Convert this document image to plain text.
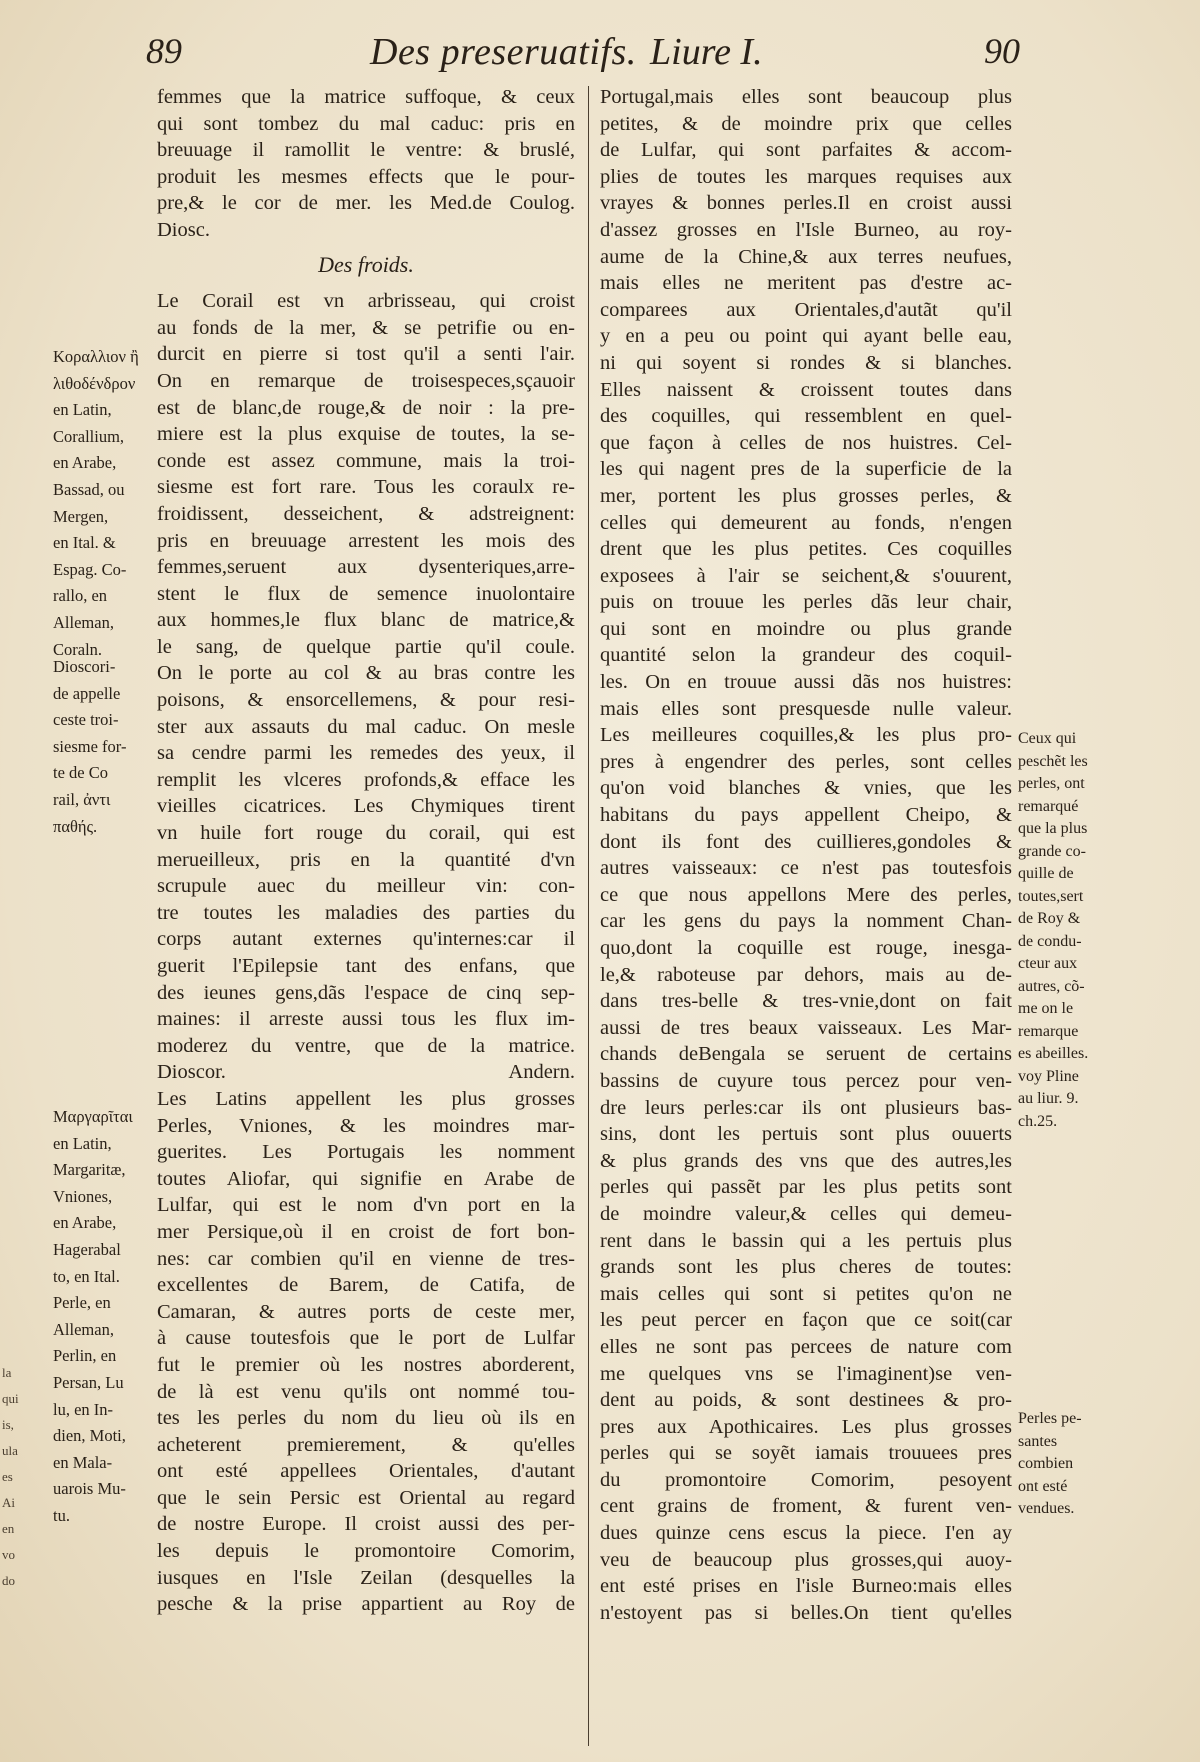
89	Des preseruatifs. Liure I.	90
femmes que la matrice suffoque, & ceux
qui sont tombez du mal caduc: pris en
breuuage il ramollit le ventre: & bruslé,
produit les mesmes effects que le pour-
pre,& le cor de mer. les Med.de Coulog.
Diosc.
Des froids.
Le Corail est vn arbrisseau, qui croist
au fonds de la mer, & se petrifie ou en-
durcit en pierre si tost qu'il a senti l'air.
On en remarque de troisespeces,sçauoir
est de blanc,de rouge,& de noir : la pre-
miere est la plus exquise de toutes, la se-
conde est assez commune, mais la troi-
siesme est fort rare. Tous les coraulx re-
froidissent, desseichent, & adstreignent:
pris en breuuage arrestent les mois des
femmes,seruent aux dysenteriques,arre-
stent le flux de semence inuolontaire
aux hommes,le flux blanc de matrice,&
le sang, de quelque partie qu'il coule.
On le porte au col & au bras contre les
poisons, & ensorcellemens, & pour resi-
ster aux assauts du mal caduc. On mesle
sa cendre parmi les remedes des yeux, il
remplit les vlceres profonds,& efface les
vieilles cicatrices. Les Chymiques tirent
vn huile fort rouge du corail, qui est
merueilleux, pris en la quantité d'vn
scrupule auec du meilleur vin: con-
tre toutes les maladies des parties du
corps autant externes qu'internes:car il
guerit l'Epilepsie tant des enfans, que
des ieunes gens,dãs l'espace de cinq sep-
maines: il arreste aussi tous les flux im-
moderez du ventre, que de la matrice.
Dioscor. Andern.
Les Latins appellent les plus grosses
Perles, Vniones, & les moindres mar-
guerites. Les Portugais les nomment
toutes Aliofar, qui signifie en Arabe de
Lulfar, qui est le nom d'vn port en la
mer Persique,où il en croist de fort bon-
nes: car combien qu'il en vienne de tres-
excellentes de Barem, de Catifa, de
Camaran, & autres ports de ceste mer,
à cause toutesfois que le port de Lulfar
fut le premier où les nostres aborderent,
de là est venu qu'ils ont nommé tou-
tes les perles du nom du lieu où ils en
acheterent premierement, & qu'elles
ont esté appellees Orientales, d'autant
que le sein Persic est Oriental au regard
de nostre Europe. Il croist aussi des per-
les depuis le promontoire Comorim,
iusques en l'Isle Zeilan (desquelles la
pesche & la prise appartient au Roy de
Portugal,mais elles sont beaucoup plus
petites, & de moindre prix que celles
de Lulfar, qui sont parfaites & accom-
plies de toutes les marques requises aux
vrayes & bonnes perles.Il en croist aussi
d'assez grosses en l'Isle Burneo, au roy-
aume de la Chine,& aux terres neufues,
mais elles ne meritent pas d'estre ac-
comparees aux Orientales,d'autãt qu'il
y en a peu ou point qui ayant belle eau,
ni qui soyent si rondes & si blanches.
Elles naissent & croissent toutes dans
des coquilles, qui ressemblent en quel-
que façon à celles de nos huistres. Cel-
les qui nagent pres de la superficie de la
mer, portent les plus grosses perles, &
celles qui demeurent au fonds, n'engen
drent que les plus petites. Ces coquilles
exposees à l'air se seichent,& s'ouurent,
puis on trouue les perles dãs leur chair,
qui sont en moindre ou plus grande
quantité selon la grandeur des coquil-
les. On en trouue aussi dãs nos huistres:
mais elles sont presquesde nulle valeur.
Les meilleures coquilles,& les plus pro-
pres à engendrer des perles, sont celles
qu'on void blanches & vnies, que les
habitans du pays appellent Cheipo, &
dont ils font des cuillieres,gondoles &
autres vaisseaux: ce n'est pas toutesfois
ce que nous appellons Mere des perles,
car les gens du pays la nomment Chan-
quo,dont la coquille est rouge, inesga-
le,& raboteuse par dehors, mais au de-
dans tres-belle & tres-vnie,dont on fait
aussi de tres beaux vaisseaux. Les Mar-
chands deBengala se seruent de certains
bassins de cuyure tous percez pour ven-
dre leurs perles:car ils ont plusieurs bas-
sins, dont les pertuis sont plus ouuerts
& plus grands des vns que des autres,les
perles qui passẽt par les plus petits sont
de moindre valeur,& celles qui demeu-
rent dans le bassin qui a les pertuis plus
grands sont les plus cheres de toutes:
mais celles qui sont si petites qu'on ne
les peut percer en façon que ce soit(car
elles ne sont pas percees de nature com
me quelques vns se l'imaginent)se ven-
dent au poids, & sont destinees & pro-
pres aux Apothicaires. Les plus grosses
perles qui se soyẽt iamais trouuees pres
du promontoire Comorim, pesoyent
cent grains de froment, & furent ven-
dues quinze cens escus la piece. I'en ay
veu de beaucoup plus grosses,qui auoy-
ent esté prises en l'isle Burneo:mais elles
n'estoyent pas si belles.On tient qu'elles
Κοραλλιον ἢ
λιθοδένδρον
en Latin,
Corallium,
en Arabe,
Bassad, ou
Mergen,
en Ital. &
Espag. Co-
rallo, en
Alleman,
Coraln.
Dioscori-
de appelle
ceste troi-
siesme for-
te de Co
rail, ἀντι
παθής.
Μαργαρῖται
en Latin,
Margaritæ,
Vniones,
en Arabe,
Hagerabal
to, en Ital.
Perle, en
Alleman,
Perlin, en
Persan, Lu
lu, en In-
dien, Moti,
en Mala-
uarois Mu-
tu.
Ceux qui
peschẽt les
perles, ont
remarqué
que la plus
grande co-
quille de
toutes,sert
de Roy &
de condu-
cteur aux
autres, cõ-
me on le
remarque
es abeilles.
voy Pline
au liur. 9.
ch.25.
Perles pe-
santes
combien
ont esté
vendues.
la
qui
is,
ula
es
Ai
en
vo
do
